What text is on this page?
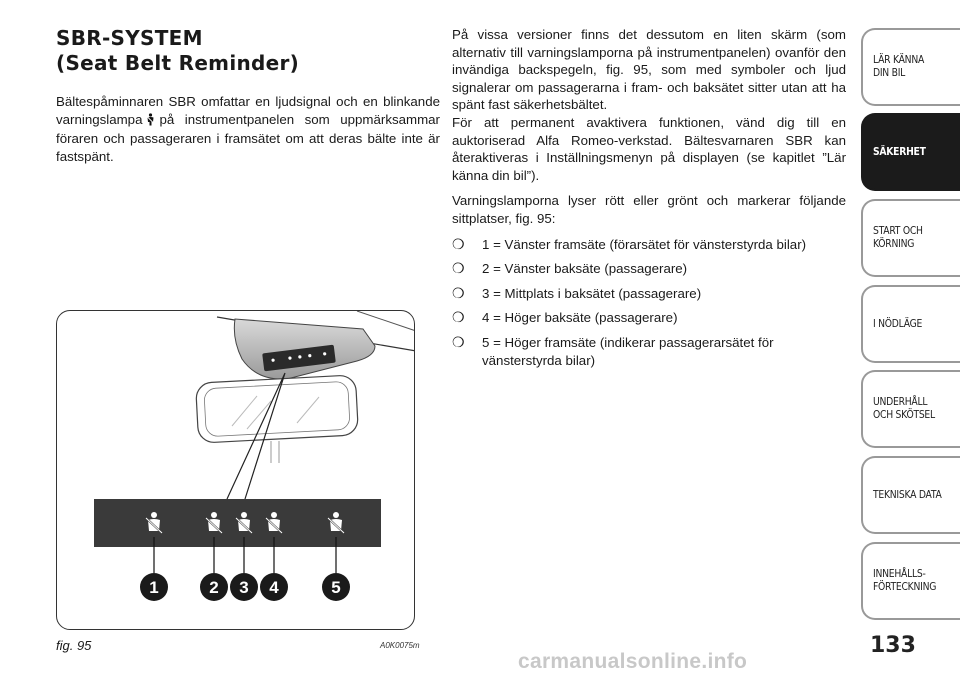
SBR-SYSTEM
(Seat Belt Reminder)
Bältespåminnaren SBR omfattar en ljudsignal och en blinkande varningslampa på instrumentpanelen som uppmärksammar föraren och passageraren i framsätet om att deras bälte inte är fastspänt.
1	2 3 4	5
fig. 95	A0K0075m

På vissa versioner finns det dessutom en liten skärm (som alternativ till varningslamporna på instrumentpanelen) ovanför den invändiga backspegeln, fig. 95, som med symboler och ljud signalerar om passagerarna i fram- och baksätet sitter utan att ha spänt fast säkerhetsbältet.

För att permanent avaktivera funktionen, vänd dig till en auktoriserad Alfa Romeo-verkstad. Bältesvarnaren SBR kan återaktiveras i Inställningsmenyn på displayen (se kapitlet ”Lär känna din bil”).

Varningslamporna lyser rött eller grönt och markerar följande sittplatser, fig. 95:

❍ 1 = Vänster framsäte (förarsätet för vänsterstyrda bilar)
❍ 2 = Vänster baksäte (passagerare)
❍ 3 = Mittplats i baksätet (passagerare)
❍ 4 = Höger baksäte (passagerare)
❍ 5 = Höger framsäte (indikerar passagerarsätet för vänsterstyrda bilar)
LÄR KÄNNA
DIN BIL
SÄKERHET
START OCH
KÖRNING
I NÖDLÄGE
UNDERHÅLL
OCH SKÖTSEL
TEKNISKA DATA
INNEHÅLLS-
FÖRTECKNING
133
carmanualsonline.info
